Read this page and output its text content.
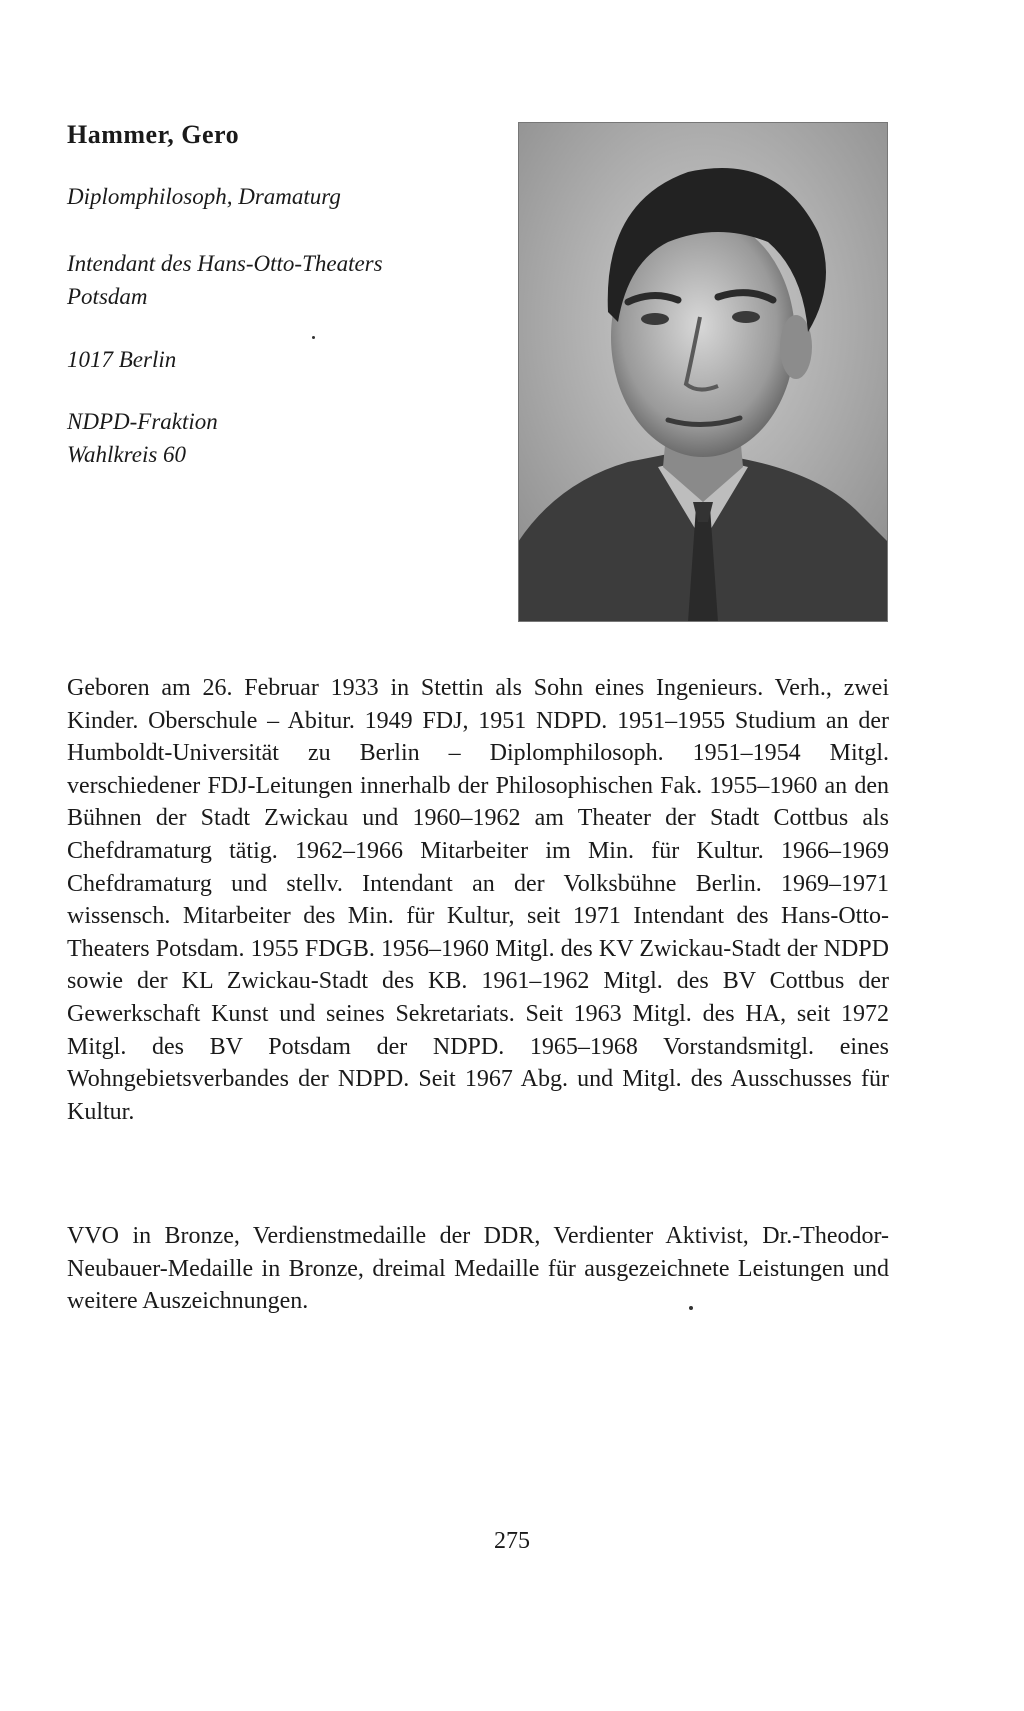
Hammer, Gero

Diplomphilosoph, Dramaturg

Intendant des Hans-Otto-Theaters
Potsdam

1017 Berlin

NDPD-Fraktion
Wahlkreis 60

Geboren am 26. Februar 1933 in Stettin als Sohn eines Ingenieurs. Verh., zwei Kinder. Oberschule – Abitur. 1949 FDJ, 1951 NDPD. 1951–1955 Studium an der Humboldt-Universität zu Berlin – Diplomphilosoph. 1951–1954 Mitgl. verschiedener FDJ-Leitungen innerhalb der Philosophischen Fak. 1955–1960 an den Bühnen der Stadt Zwickau und 1960–1962 am Theater der Stadt Cottbus als Chefdramaturg tätig. 1962–1966 Mitarbeiter im Min. für Kultur. 1966–1969 Chefdramaturg und stellv. Intendant an der Volksbühne Berlin. 1969–1971 wissensch. Mitarbeiter des Min. für Kultur, seit 1971 Intendant des Hans-Otto-Theaters Potsdam. 1955 FDGB. 1956–1960 Mitgl. des KV Zwickau-Stadt der NDPD sowie der KL Zwickau-Stadt des KB. 1961–1962 Mitgl. des BV Cottbus der Gewerkschaft Kunst und seines Sekretariats. Seit 1963 Mitgl. des HA, seit 1972 Mitgl. des BV Potsdam der NDPD. 1965–1968 Vorstandsmitgl. eines Wohngebietsverbandes der NDPD. Seit 1967 Abg. und Mitgl. des Ausschusses für Kultur.

VVO in Bronze, Verdienstmedaille der DDR, Verdienter Aktivist, Dr.-Theodor-Neubauer-Medaille in Bronze, dreimal Medaille für ausgezeichnete Leistungen und weitere Auszeichnungen.

275
